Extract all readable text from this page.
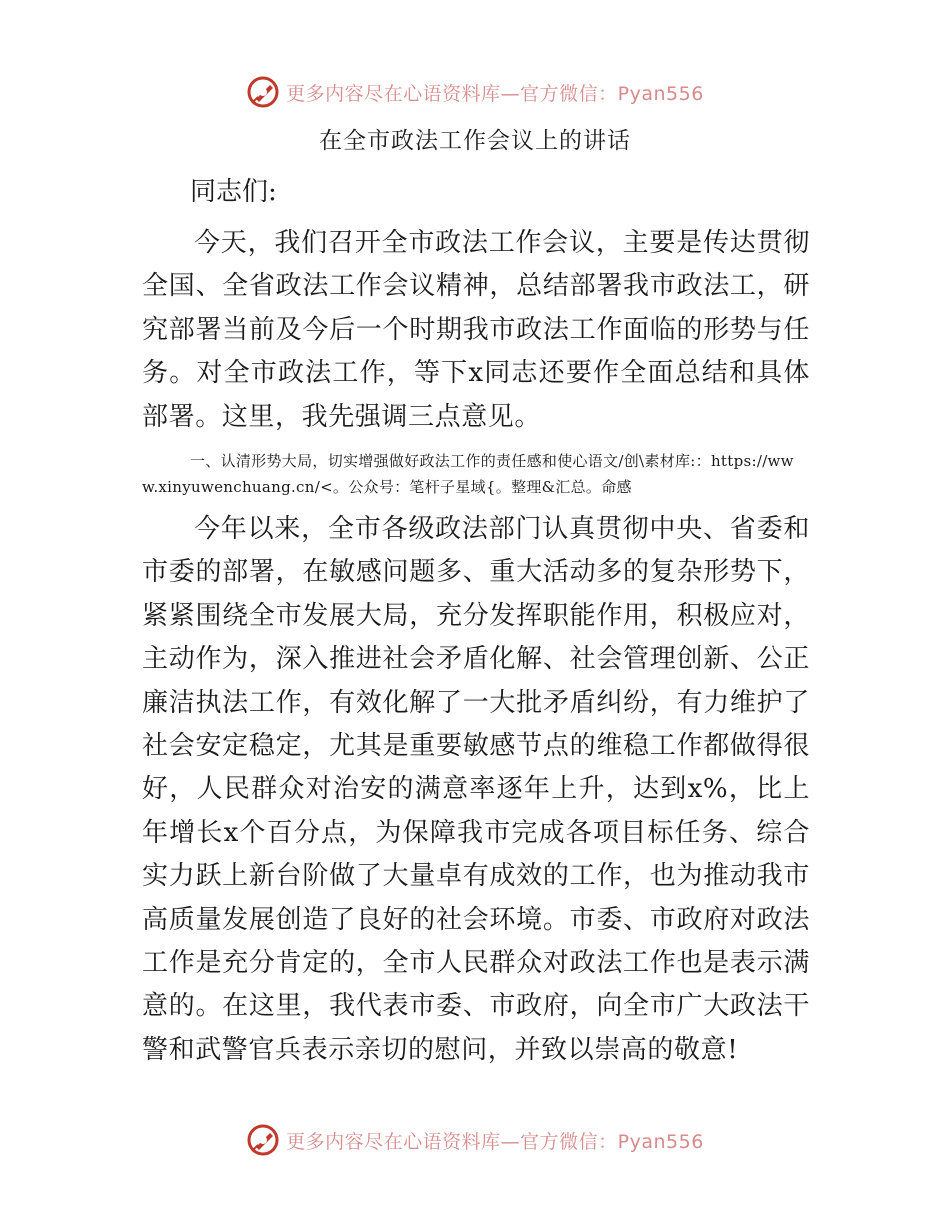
更多内容尽在心语资料库—官方微信：Pyan556
在全市政法工作会议上的讲话

同志们:

今天，我们召开全市政法工作会议，主要是传达贯彻全国、全省政法工作会议精神，总结部署我市政法工，研究部署当前及今后一个时期我市政法工作面临的形势与任务。对全市政法工作，等下x同志还要作全面总结和具体部署。这里，我先强调三点意见。

一、认清形势大局，切实增强做好政法工作的责任感和使心语文/创\素材库:：https://www.xinyuwenchuang.cn/<。公众号：笔杆子星域{。整理&汇总。命感

今年以来，全市各级政法部门认真贯彻中央、省委和市委的部署，在敏感问题多、重大活动多的复杂形势下，紧紧围绕全市发展大局，充分发挥职能作用，积极应对，主动作为，深入推进社会矛盾化解、社会管理创新、公正廉洁执法工作，有效化解了一大批矛盾纠纷，有力维护了社会安定稳定，尤其是重要敏感节点的维稳工作都做得很好，人民群众对治安的满意率逐年上升，达到x%，比上年增长x个百分点，为保障我市完成各项目标任务、综合实力跃上新台阶做了大量卓有成效的工作，也为推动我市高质量发展创造了良好的社会环境。市委、市政府对政法工作是充分肯定的，全市人民群众对政法工作也是表示满意的。在这里，我代表市委、市政府，向全市广大政法干警和武警官兵表示亲切的慰问，并致以崇高的敬意!

更多内容尽在心语资料库—官方微信：Pyan556
